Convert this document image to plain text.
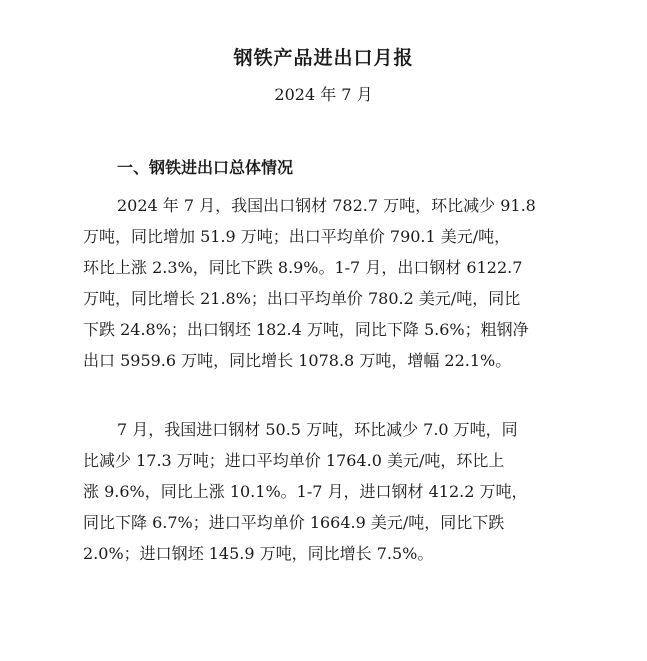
钢铁产品进出口月报
2024 年 7 月
一、钢铁进出口总体情况
2024 年 7 月，我国出口钢材 782.7 万吨，环比减少 91.8
万吨，同比增加 51.9 万吨；出口平均单价 790.1 美元/吨，
环比上涨 2.3%，同比下跌 8.9%。1-7 月，出口钢材 6122.7
万吨，同比增长 21.8%；出口平均单价 780.2 美元/吨，同比
下跌 24.8%；出口钢坯 182.4 万吨，同比下降 5.6%；粗钢净
出口 5959.6 万吨，同比增长 1078.8 万吨，增幅 22.1%。
7 月，我国进口钢材 50.5 万吨，环比减少 7.0 万吨，同
比减少 17.3 万吨；进口平均单价 1764.0 美元/吨，环比上
涨 9.6%，同比上涨 10.1%。1-7 月，进口钢材 412.2 万吨，
同比下降 6.7%；进口平均单价 1664.9 美元/吨，同比下跌
2.0%；进口钢坯 145.9 万吨，同比增长 7.5%。
